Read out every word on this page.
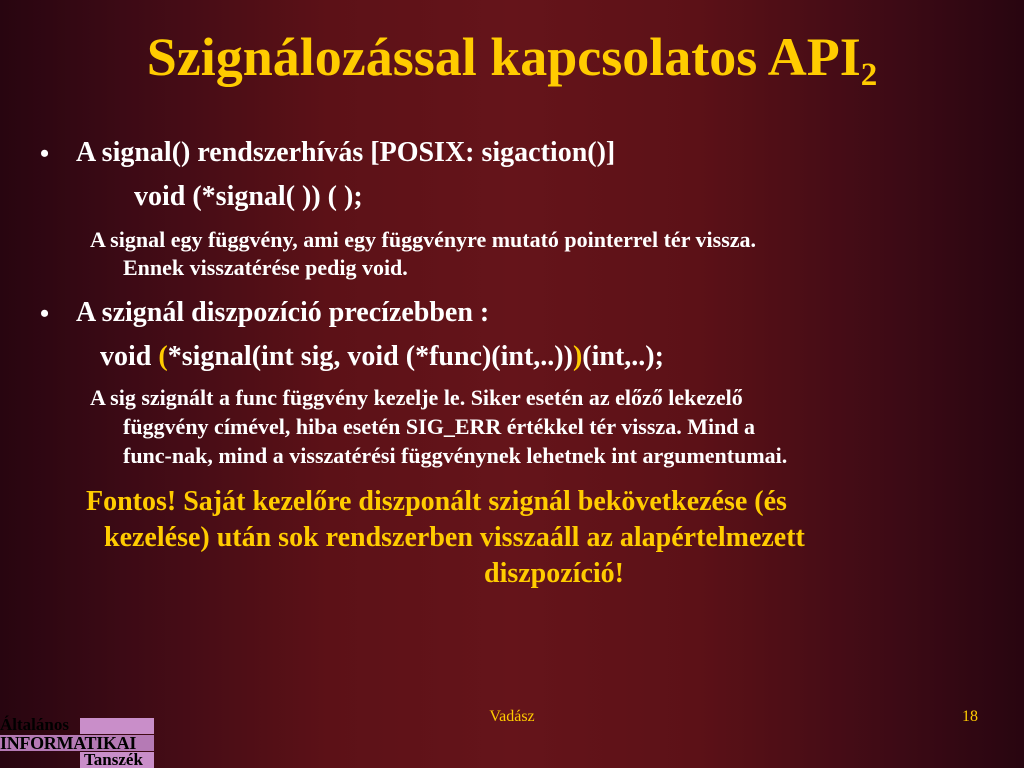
Szignálozással kapcsolatos $API_2$
• A signal() rendszerhívás [POSIX: sigaction()]
void (*signal( )) ( );
A signal egy függvény, ami egy függvényre mutató pointerrel tér vissza.
Ennek visszatérése pedig void.
• A szignál diszpozíció precízebben :
void (*signal(int sig, void (*func)(int,..)))(int,..);
A sig szignált a func függvény kezelje le. Siker esetén az előző lekezelő
függvény címével, hiba esetén SIG_ERR értékkel tér vissza. Mind a
func-nak, mind a visszatérési függvénynek lehetnek int argumentumai.
Fontos! Saját kezelőre diszponált szignál bekövetkezése (és
kezelése) után sok rendszerben visszaáll az alapértelmezett
diszpozíció!
Vadász	18
Általános
INFORMATIKAI
Tanszék
